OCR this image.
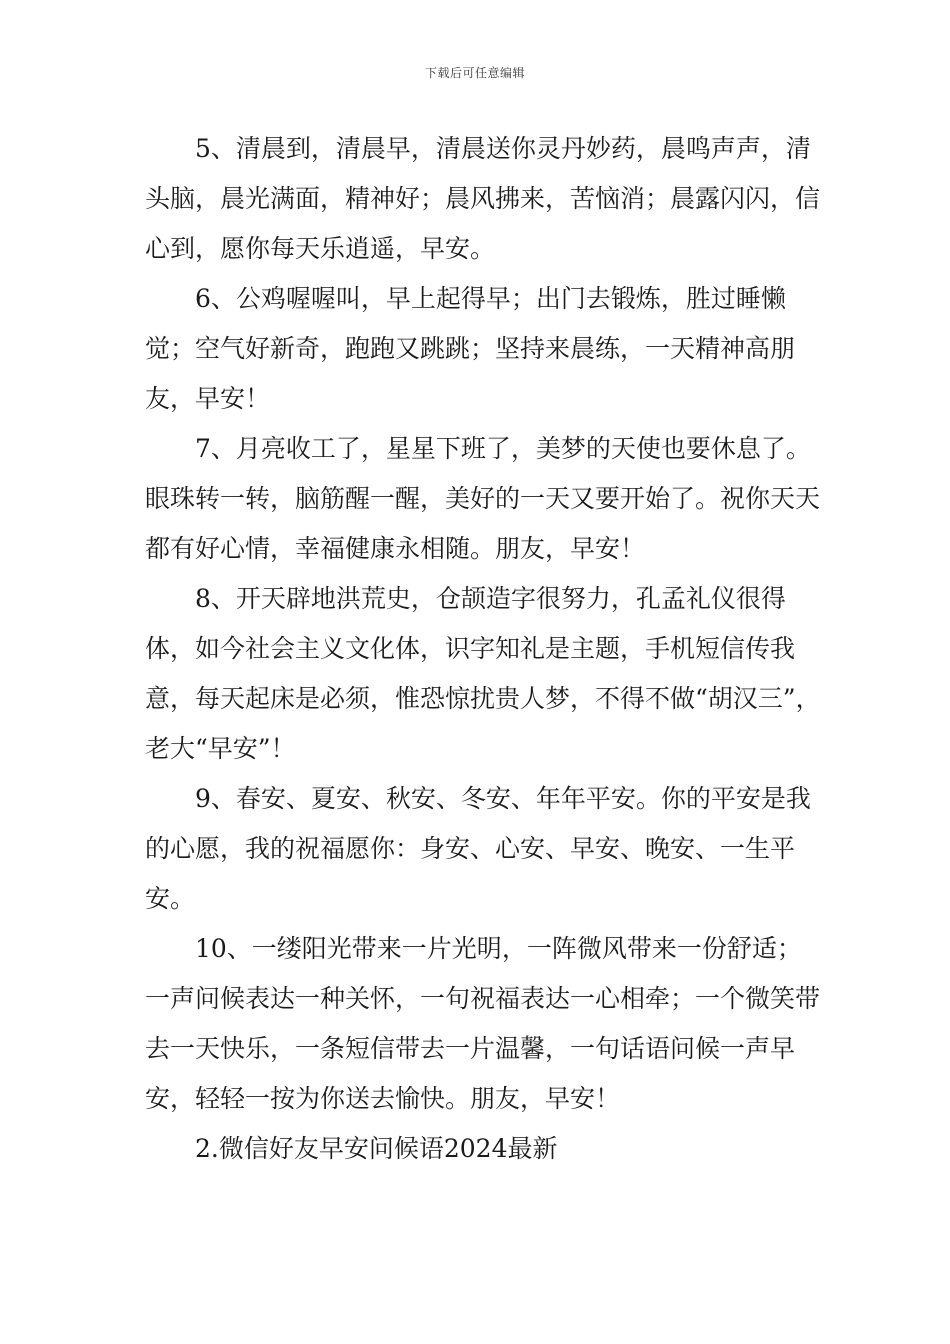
下载后可任意编辑

5、清晨到，清晨早，清晨送你灵丹妙药，晨鸣声声，清头脑，晨光满面，精神好；晨风拂来，苦恼消；晨露闪闪，信心到，愿你每天乐逍遥，早安。

6、公鸡喔喔叫，早上起得早；出门去锻炼，胜过睡懒觉；空气好新奇，跑跑又跳跳；坚持来晨练，一天精神高朋友，早安！

7、月亮收工了，星星下班了，美梦的天使也要休息了。眼珠转一转，脑筋醒一醒，美好的一天又要开始了。祝你天天都有好心情，幸福健康永相随。朋友，早安！

8、开天辟地洪荒史，仓颉造字很努力，孔孟礼仪很得体，如今社会主义文化体，识字知礼是主题，手机短信传我意，每天起床是必须，惟恐惊扰贵人梦，不得不做“胡汉三”，老大“早安”！

9、春安、夏安、秋安、冬安、年年平安。你的平安是我的心愿，我的祝福愿你：身安、心安、早安、晚安、一生平安。

10、一缕阳光带来一片光明，一阵微风带来一份舒适；一声问候表达一种关怀，一句祝福表达一心相牵；一个微笑带去一天快乐，一条短信带去一片温馨，一句话语问候一声早安，轻轻一按为你送去愉快。朋友，早安！

2.微信好友早安问候语2024最新
